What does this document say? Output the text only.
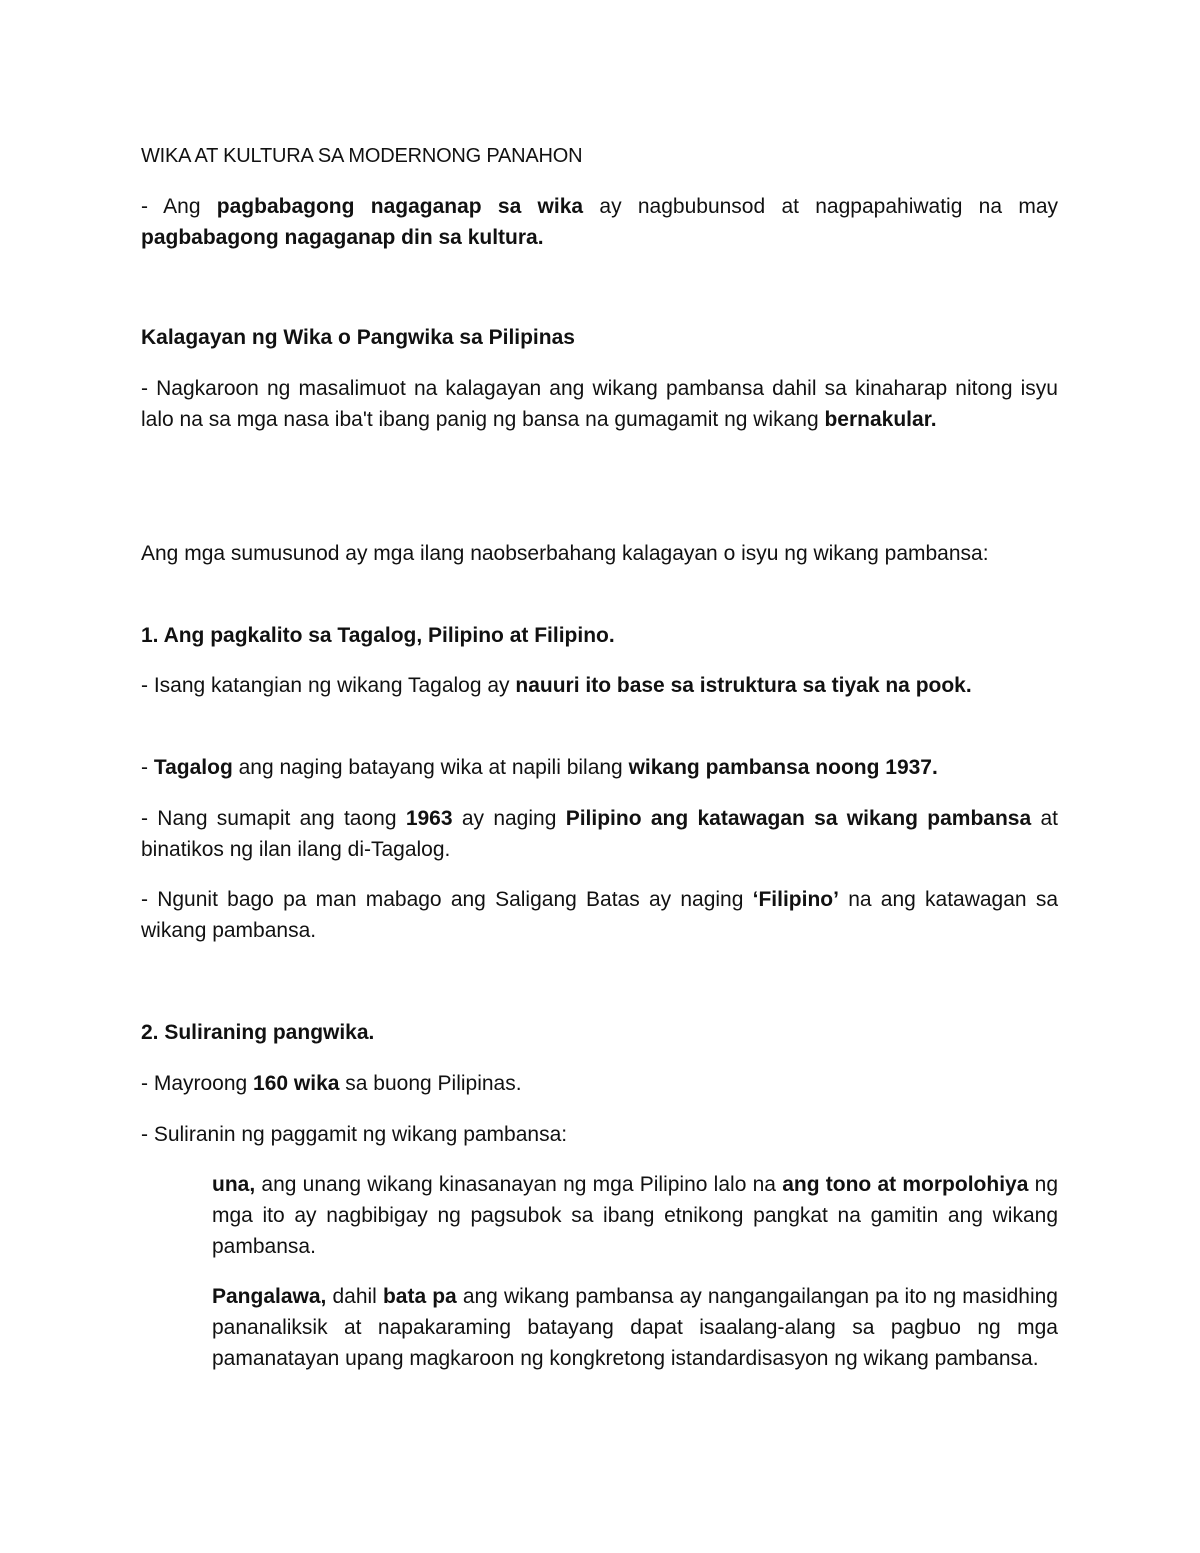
WIKA AT KULTURA SA MODERNONG PANAHON

- Ang pagbabagong nagaganap sa wika ay nagbubunsod at nagpapahiwatig na may pagbabagong nagaganap din sa kultura.

Kalagayan ng Wika o Pangwika sa Pilipinas

- Nagkaroon ng masalimuot na kalagayan ang wikang pambansa dahil sa kinaharap nitong isyu lalo na sa mga nasa iba't ibang panig ng bansa na gumagamit ng wikang bernakular.

Ang mga sumusunod ay mga ilang naobserbahang kalagayan o isyu ng wikang pambansa:

1. Ang pagkalito sa Tagalog, Pilipino at Filipino.

- Isang katangian ng wikang Tagalog ay nauuri ito base sa istruktura sa tiyak na pook.

- Tagalog ang naging batayang wika at napili bilang wikang pambansa noong 1937.

- Nang sumapit ang taong 1963 ay naging Pilipino ang katawagan sa wikang pambansa at binatikos ng ilan ilang di-Tagalog.

- Ngunit bago pa man mabago ang Saligang Batas ay naging ‘Filipino’ na ang katawagan sa wikang pambansa.

2. Suliraning pangwika.

- Mayroong 160 wika sa buong Pilipinas.

- Suliranin ng paggamit ng wikang pambansa:

una, ang unang wikang kinasanayan ng mga Pilipino lalo na ang tono at morpolohiya ng mga ito ay nagbibigay ng pagsubok sa ibang etnikong pangkat na gamitin ang wikang pambansa.

Pangalawa, dahil bata pa ang wikang pambansa ay nangangailangan pa ito ng masidhing pananaliksik at napakaraming batayang dapat isaalang-alang sa pagbuo ng mga pamanatayan upang magkaroon ng kongkretong istandardisasyon ng wikang pambansa.
